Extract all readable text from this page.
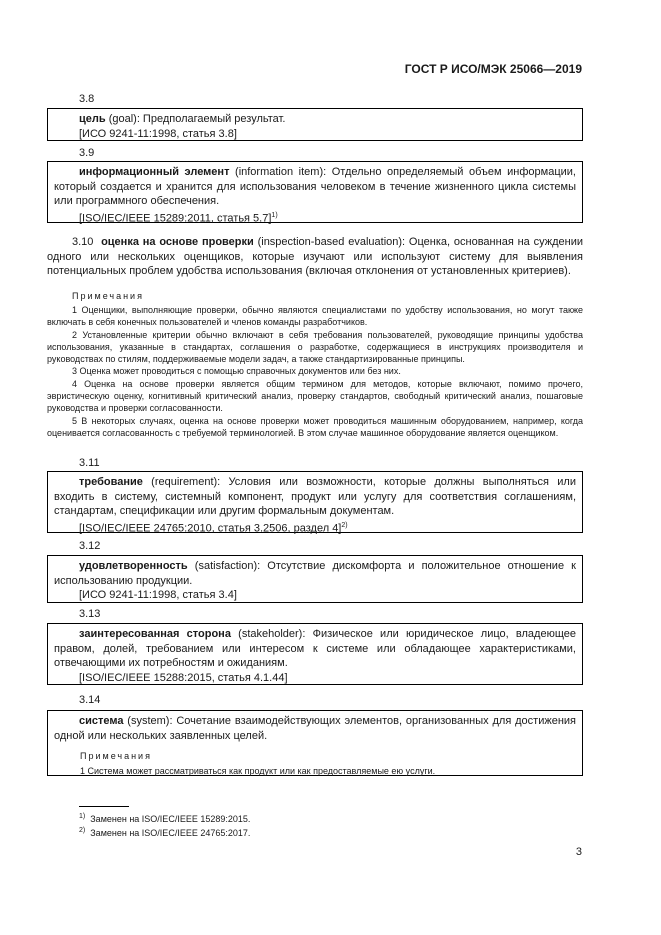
ГОСТ Р ИСО/МЭК 25066—2019
3.8

цель (goal): Предполагаемый результат.

[ИСО 9241-11:1998, статья 3.8]

3.9

информационный элемент (information item): Отдельно определяемый объем информации, который создается и хранится для использования человеком в течение жизненного цикла системы или программного обеспечения.

[ISO/IEC/IEEE 15289:2011, статья 5.7]$^{1)}$

3.10 оценка на основе проверки (inspection-based evaluation): Оценка, основанная на суждении одного или нескольких оценщиков, которые изучают или используют систему для выявления потенциальных проблем удобства использования (включая отклонения от установленных критериев).
Примечания

1 Оценщики, выполняющие проверки, обычно являются специалистами по удобству использования, но могут также включать в себя конечных пользователей и членов команды разработчиков.

2 Установленные критерии обычно включают в себя требования пользователей, руководящие принципы удобства использования, указанные в стандартах, соглашения о разработке, содержащиеся в инструкциях производителя и руководствах по стилям, поддерживаемые модели задач, а также стандартизированные принципы.

3 Оценка может проводиться с помощью справочных документов или без них.

4 Оценка на основе проверки является общим термином для методов, которые включают, помимо прочего, эвристическую оценку, когнитивный критический анализ, проверку стандартов, свободный критический анализ, пошаговые руководства и проверки согласованности.

5 В некоторых случаях, оценка на основе проверки может проводиться машинным оборудованием, например, когда оценивается согласованность с требуемой терминологией. В этом случае машинное оборудование является оценщиком.

3.11

требование (requirement): Условия или возможности, которые должны выполняться или входить в систему, системный компонент, продукт или услугу для соответствия соглашениям, стандартам, спецификации или другим формальным документам.

[ISO/IEC/IEEE 24765:2010, статья 3.2506, раздел 4]$^{2)}$

3.12

удовлетворенность (satisfaction): Отсутствие дискомфорта и положительное отношение к использованию продукции.

[ИСО 9241-11:1998, статья 3.4]

3.13

заинтересованная сторона (stakeholder): Физическое или юридическое лицо, владеющее правом, долей, требованием или интересом к системе или обладающее характеристиками, отвечающими их потребностям и ожиданиям.

[ISO/IEC/IEEE 15288:2015, статья 4.1.44]

3.14

система (system): Сочетание взаимодействующих элементов, организованных для достижения одной или нескольких заявленных целей.

Примечания
1 Система может рассматриваться как продукт или как предоставляемые ею услуги.
$^{1)}$ Заменен на ISO/IEC/IEEE 15289:2015.
$^{2)}$ Заменен на ISO/IEC/IEEE 24765:2017.
3
